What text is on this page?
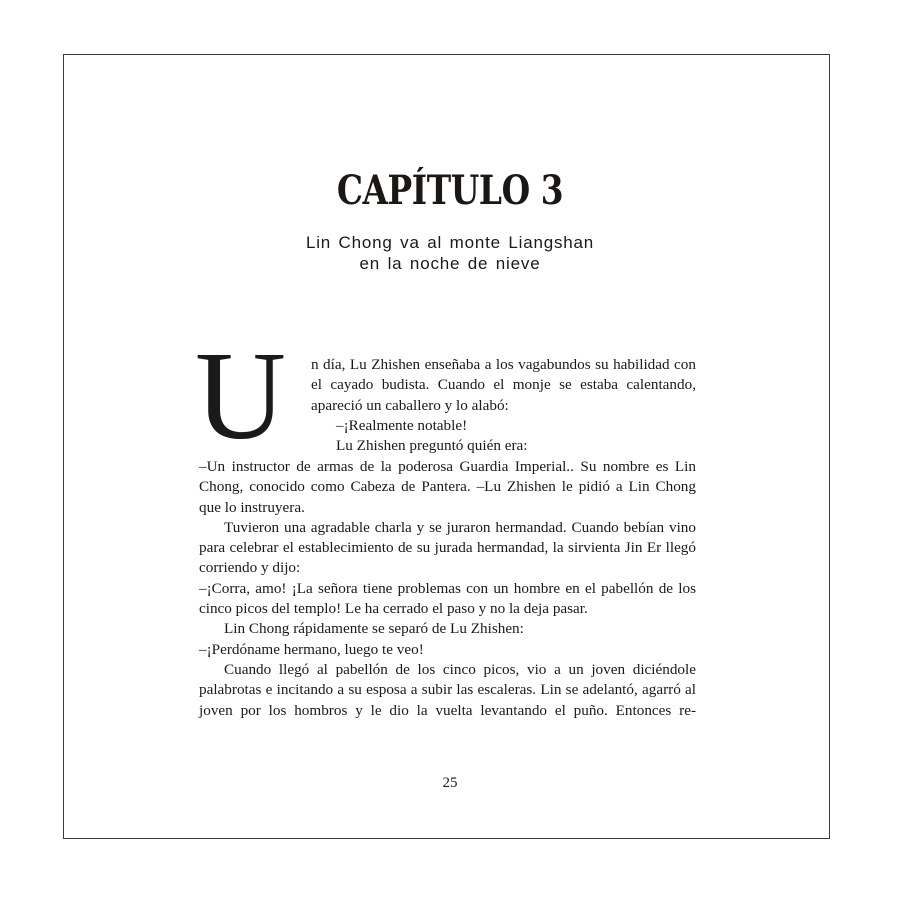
CAPÍTULO 3
Lin Chong va al monte Liangshan
en la noche de nieve
U	n día, Lu Zhishen enseñaba a los vagabundos su habilidad con el cayado budista. Cuando el monje se estaba calentando, apareció un caballero y lo alabó:

–¡Realmente notable!

Lu Zhishen preguntó quién era:

–Un instructor de armas de la poderosa Guardia Imperial.. Su nombre es Lin Chong, conocido como Cabeza de Pantera. –Lu Zhishen le pidió a Lin Chong que lo instruyera.

Tuvieron una agradable charla y se juraron hermandad. Cuando bebían vino para celebrar el establecimiento de su jurada hermandad, la sirvienta Jin Er llegó corriendo y dijo:

–¡Corra, amo! ¡La señora tiene problemas con un hombre en el pabellón de los cinco picos del templo! Le ha cerrado el paso y no la deja pasar.

Lin Chong rápidamente se separó de Lu Zhishen:

–¡Perdóname hermano, luego te veo!

Cuando llegó al pabellón de los cinco picos, vio a un joven diciéndole palabrotas e incitando a su esposa a subir las escaleras. Lin se adelantó, agarró al joven por los hombros y le dio la vuelta levantando el puño. Entonces re-

25
